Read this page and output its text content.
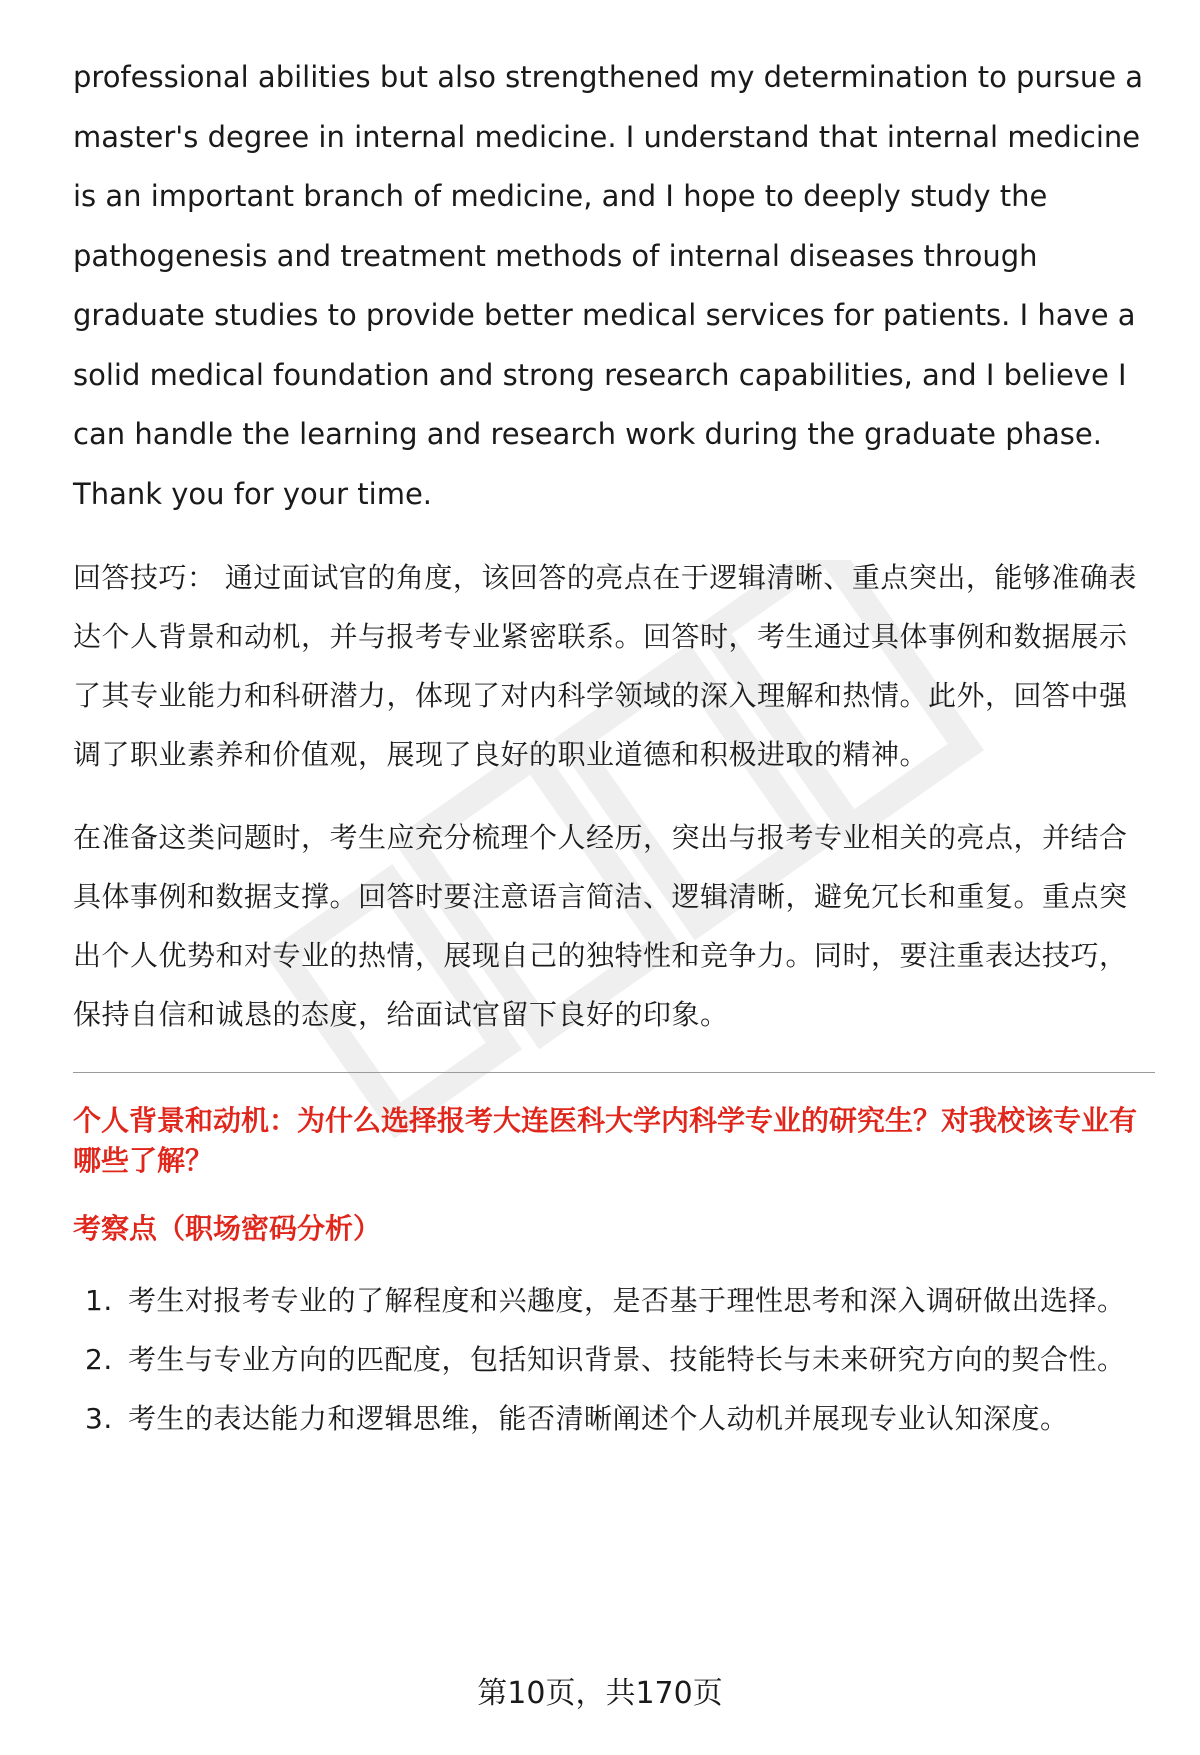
professional abilities but also strengthened my determination to pursue a master's degree in internal medicine. I understand that internal medicine is an important branch of medicine, and I hope to deeply study the pathogenesis and treatment methods of internal diseases through graduate studies to provide better medical services for patients. I have a solid medical foundation and strong research capabilities, and I believe I can handle the learning and research work during the graduate phase. Thank you for your time.

回答技巧： 通过面试官的角度，该回答的亮点在于逻辑清晰、重点突出，能够准确表达个人背景和动机，并与报考专业紧密联系。回答时，考生通过具体事例和数据展示了其专业能力和科研潜力，体现了对内科学领域的深入理解和热情。此外，回答中强调了职业素养和价值观，展现了良好的职业道德和积极进取的精神。

在准备这类问题时，考生应充分梳理个人经历，突出与报考专业相关的亮点，并结合具体事例和数据支撑。回答时要注意语言简洁、逻辑清晰，避免冗长和重复。重点突出个人优势和对专业的热情，展现自己的独特性和竞争力。同时，要注重表达技巧，保持自信和诚恳的态度，给面试官留下良好的印象。

个人背景和动机：为什么选择报考大连医科大学内科学专业的研究生？对我校该专业有哪些了解？
考察点（职场密码分析）
1. 考生对报考专业的了解程度和兴趣度，是否基于理性思考和深入调研做出选择。
2. 考生与专业方向的匹配度，包括知识背景、技能特长与未来研究方向的契合性。
3. 考生的表达能力和逻辑思维，能否清晰阐述个人动机并展现专业认知深度。
第10页，共170页
